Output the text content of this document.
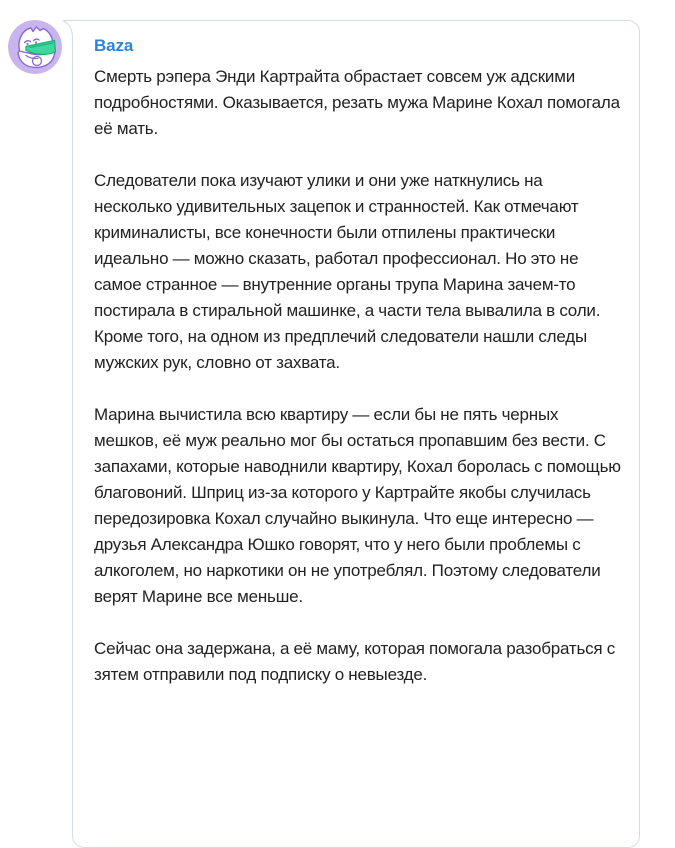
Baza

Смерть рэпера Энди Картрайта обрастает совсем уж адскими подробностями. Оказывается, резать мужа Марине Кохал помогала её мать.

Следователи пока изучают улики и они уже наткнулись на несколько удивительных зацепок и странностей. Как отмечают криминалисты, все конечности были отпилены практически идеально — можно сказать, работал профессионал. Но это не самое странное — внутренние органы трупа Марина зачем-то постирала в стиральной машинке, а части тела вывалила в соли. Кроме того, на одном из предплечий следователи нашли следы мужских рук, словно от захвата.

Марина вычистила всю квартиру — если бы не пять черных мешков, её муж реально мог бы остаться пропавшим без вести. С запахами, которые наводнили квартиру, Кохал боролась с помощью благовоний. Шприц из-за которого у Картрайте якобы случилась передозировка Кохал случайно выкинула. Что еще интересно — друзья Александра Юшко говорят, что у него были проблемы с алкоголем, но наркотики он не употреблял. Поэтому следователи верят Марине все меньше.

Сейчас она задержана, а её маму, которая помогала разобраться с зятем отправили под подписку о невыезде.
